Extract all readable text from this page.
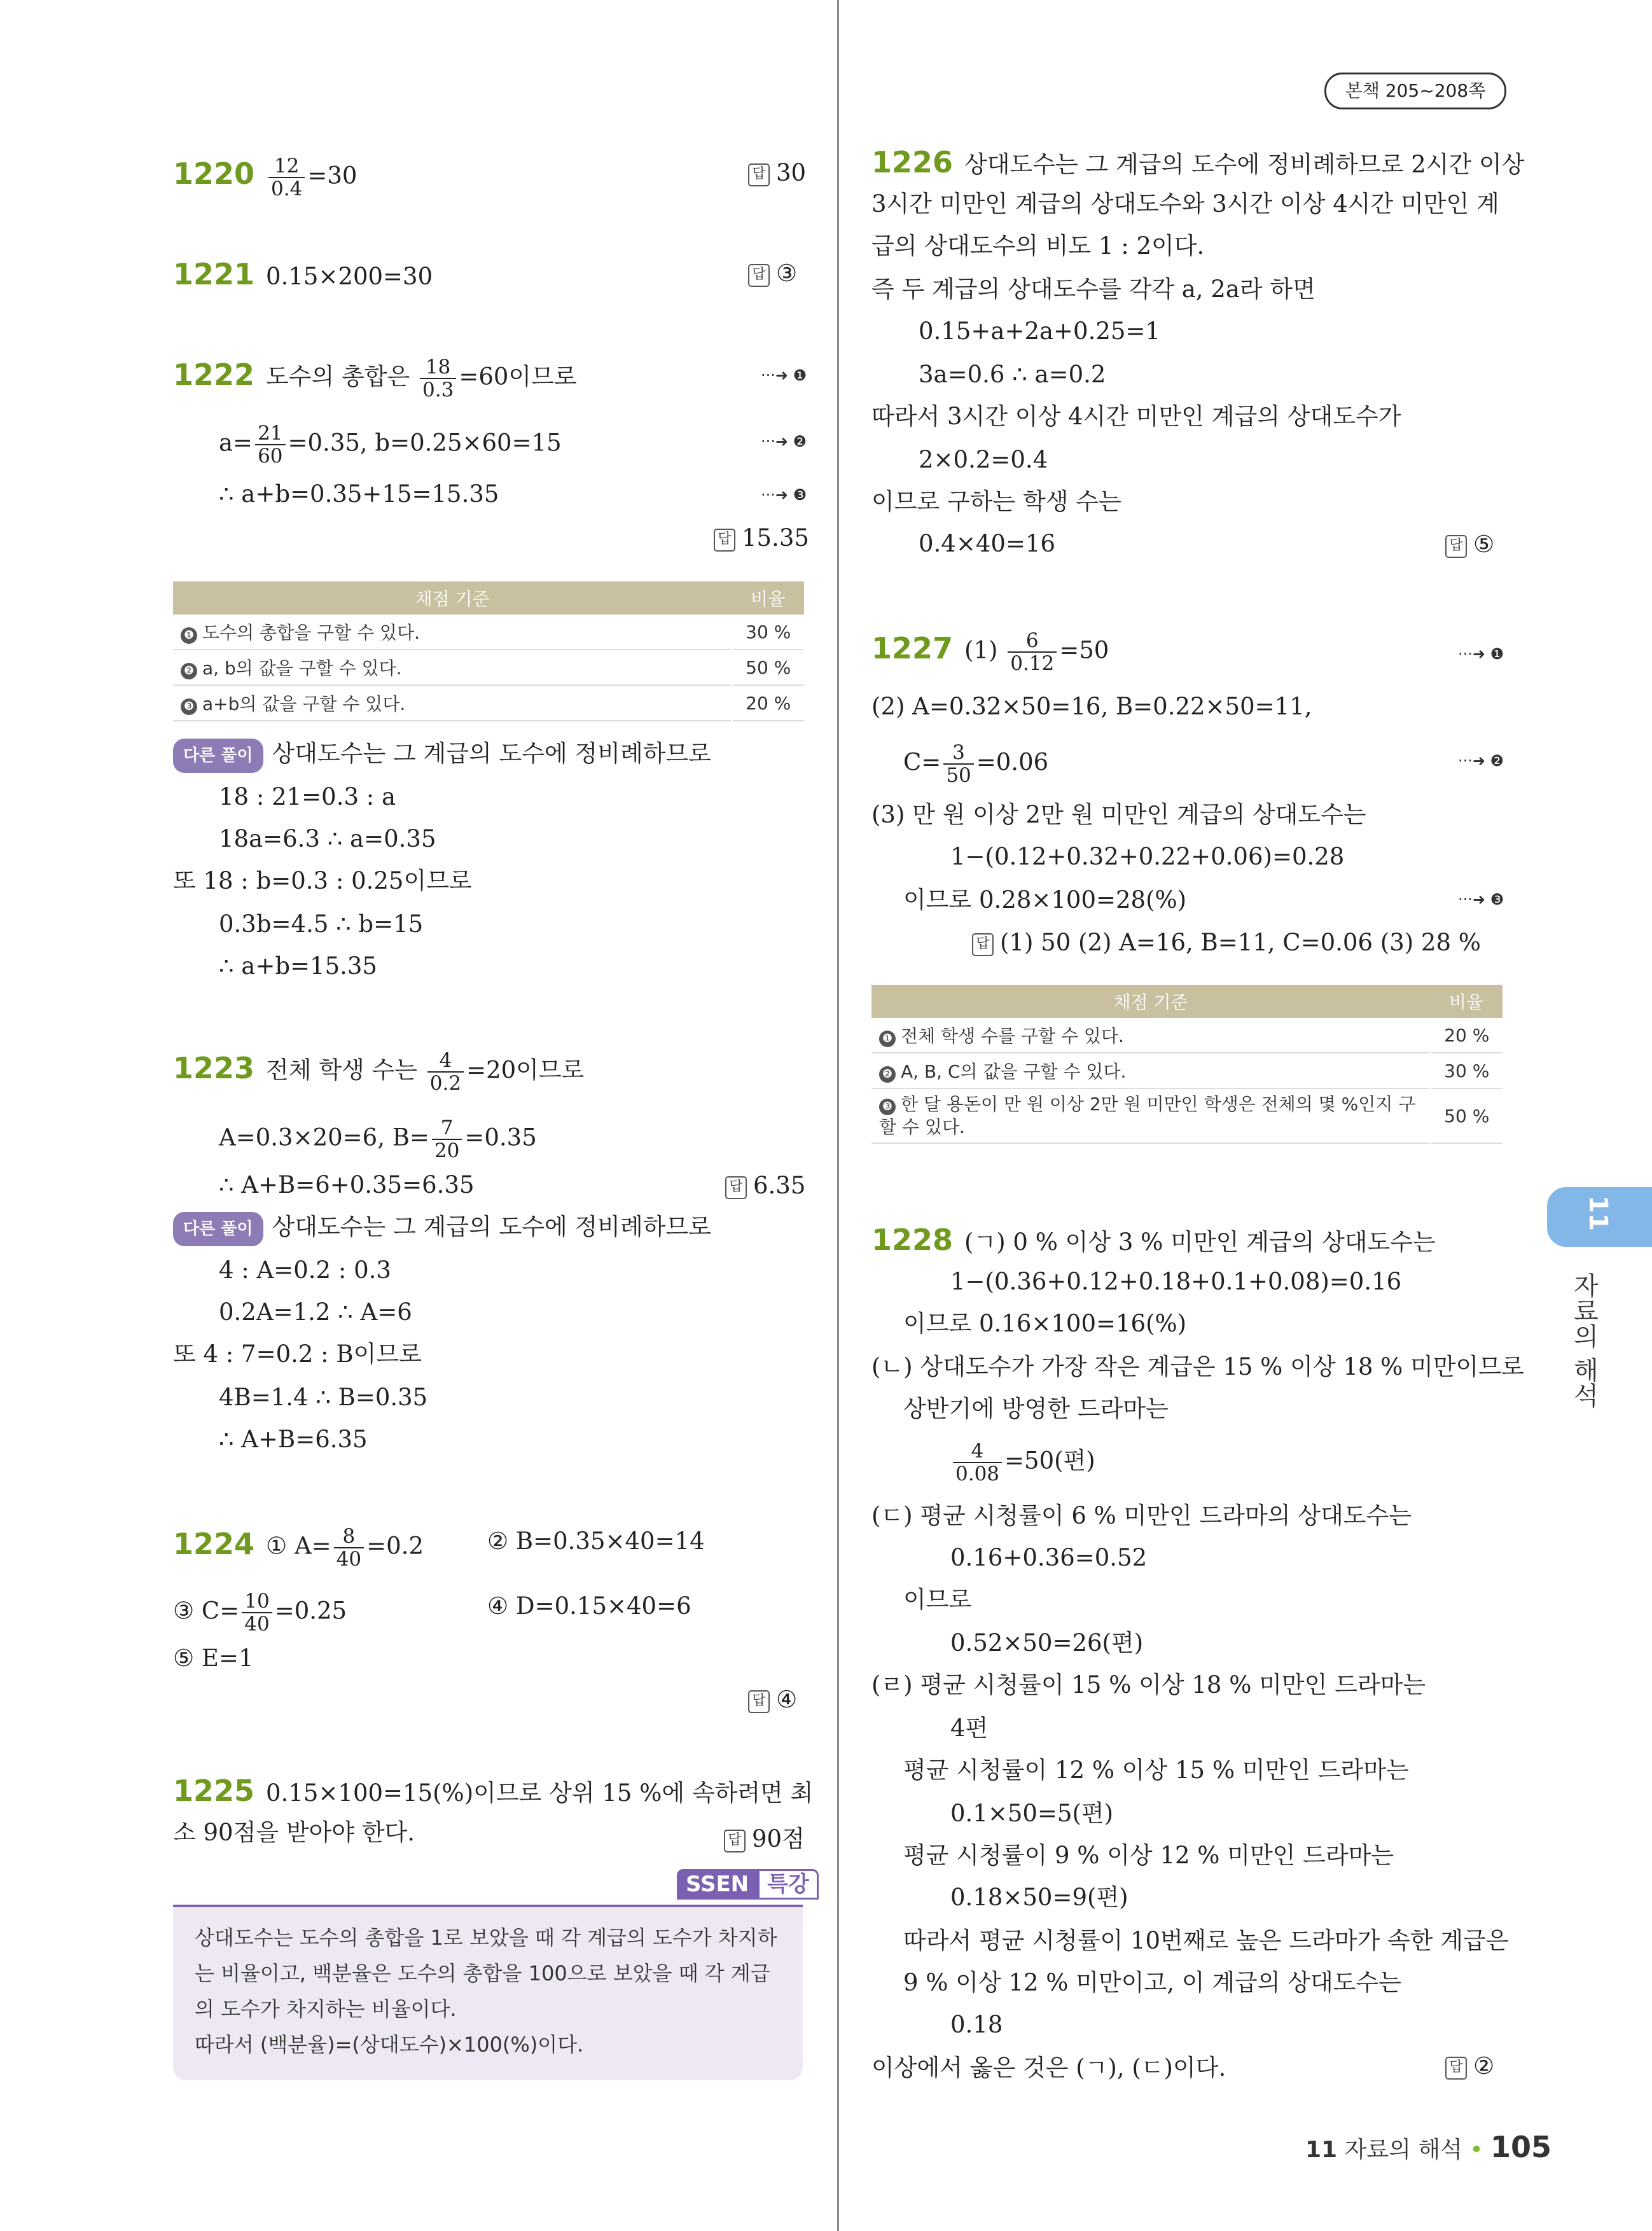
본책 205~208쪽
$1220 \frac{12}{0.4} =30$	답 30
1221 0.15×200=30	답 ③
1222 도수의 총합은 $\frac{18}{0.3} =60$이므로	···➜ ❶
$a= \frac{21}{60} =0.35$, b=0.25×60=15	···➜ ❷
∴ a+b=0.35+15=15.35	···➜ ❸
답 15.35
채점 기준	비율
❶ 도수의 총합을 구할 수 있다.	30 %
❷ a, b의 값을 구할 수 있다.	50 %
❸ a+b의 값을 구할 수 있다.	20 %
다른 풀이 상대도수는 그 계급의 도수에 정비례하므로
18 : 21=0.3 : a
18a=6.3 ∴ a=0.35
또 18 : b=0.3 : 0.25이므로
0.3b=4.5 ∴ b=15
∴ a+b=15.35
1223 전체 학생 수는 $\frac{4}{0.2} =20$이므로
A=0.3×20=6, $B= \frac{7}{20} =0.35$
∴ A+B=6+0.35=6.35	답 6.35
다른 풀이 상대도수는 그 계급의 도수에 정비례하므로
4 : A=0.2 : 0.3
0.2A=1.2 ∴ A=6
또 4 : 7=0.2 : B이므로
4B=1.4 ∴ B=0.35
∴ A+B=6.35
1224 ① $A= \frac{8}{40} =0.2$	② B=0.35×40=14
③ $C= \frac{10}{40} =0.25$	④ D=0.15×40=6
⑤ E=1
답 ④
1225 0.15×100=15(%)이므로 상위 15 %에 속하려면 최
소 90점을 받아야 한다.	답 90점
SSEN 특강
상대도수는 도수의 총합을 1로 보았을 때 각 계급의 도수가 차지하
는 비율이고, 백분율은 도수의 총합을 100으로 보았을 때 각 계급
의 도수가 차지하는 비율이다.
따라서 (백분율)=(상대도수)×100(%)이다.
1226 상대도수는 그 계급의 도수에 정비례하므로 2시간 이상
3시간 미만인 계급의 상대도수와 3시간 이상 4시간 미만인 계
급의 상대도수의 비도 1 : 2이다.
즉 두 계급의 상대도수를 각각 a, 2a라 하면
0.15+a+2a+0.25=1
3a=0.6 ∴ a=0.2
따라서 3시간 이상 4시간 미만인 계급의 상대도수가
2×0.2=0.4
이므로 구하는 학생 수는
0.4×40=16	답 ⑤
1227 $(1) \frac{6}{0.12} =50$	···➜ ❶
(2) A=0.32×50=16, B=0.22×50=11,
$C= \frac{3}{50} =0.06$	···➜ ❷
(3) 만 원 이상 2만 원 미만인 계급의 상대도수는
1−(0.12+0.32+0.22+0.06)=0.28
이므로 0.28×100=28(%)	···➜ ❸
답 (1) 50 (2) A=16, B=11, C=0.06 (3) 28 %
채점 기준	비율
❶ 전체 학생 수를 구할 수 있다.	20 %
❷ A, B, C의 값을 구할 수 있다.	30 %
❸ 한 달 용돈이 만 원 이상 2만 원 미만인 학생은 전체의 몇 %인지 구할 수 있다.	50 %
1228 (ㄱ) 0 % 이상 3 % 미만인 계급의 상대도수는
1−(0.36+0.12+0.18+0.1+0.08)=0.16
이므로 0.16×100=16(%)
(ㄴ) 상대도수가 가장 작은 계급은 15 % 이상 18 % 미만이므로
상반기에 방영한 드라마는
$\frac{4}{0.08} =50$(편)
(ㄷ) 평균 시청률이 6 % 미만인 드라마의 상대도수는
0.16+0.36=0.52
이므로
0.52×50=26(편)
(ㄹ) 평균 시청률이 15 % 이상 18 % 미만인 드라마는
4편
평균 시청률이 12 % 이상 15 % 미만인 드라마는
0.1×50=5(편)
평균 시청률이 9 % 이상 12 % 미만인 드라마는
0.18×50=9(편)
따라서 평균 시청률이 10번째로 높은 드라마가 속한 계급은
9 % 이상 12 % 미만이고, 이 계급의 상대도수는
0.18
이상에서 옳은 것은 (ㄱ), (ㄷ)이다.	답 ②
11
자료의 해석
11 자료의 해석 • 105
